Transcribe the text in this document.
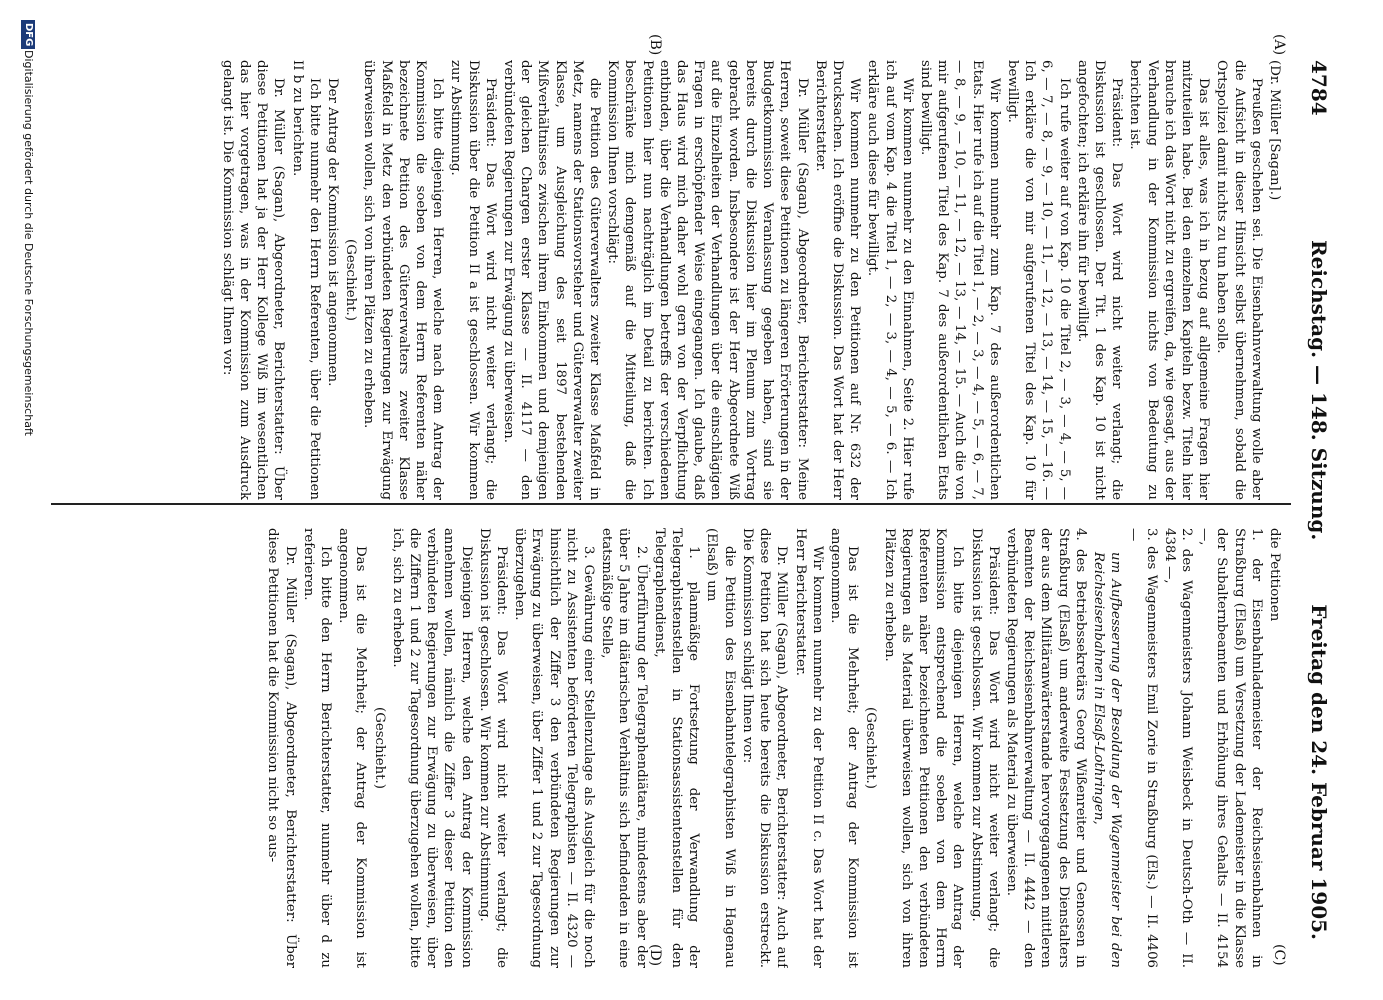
4784
Reichstag. — 148. Sitzung.
Freitag den 24. Februar 1905.
(A)
(B)
(C)
(D)

(Dr. Müller [Sagan].)

Preußen geschehen sei. Die Eisenbahnverwaltung wolle aber die Aufsicht in dieser Hinsicht selbst übernehmen, sobald die Ortspolizei damit nichts zu tun haben solle.

Das ist alles, was ich in bezug auf allgemeine Fragen hier mitzuteilen habe. Bei den einzelnen Kapiteln bezw. Titeln hier brauche ich das Wort nicht zu ergreifen, da, wie gesagt, aus der Verhandlung in der Kommission nichts von Bedeutung zu berichten ist.

Präsident: Das Wort wird nicht weiter verlangt; die Diskussion ist geschlossen. Der Tit. 1 des Kap. 10 ist nicht angefochten; ich erkläre ihn für bewilligt.

Ich rufe weiter auf von Kap. 10 die Titel 2, — 3, — 4, — 5, — 6, — 7, — 8, — 9, — 10, — 11, — 12, — 13, — 14, — 15, — 16. — Ich erkläre die von mir aufgerufenen Titel des Kap. 10 für bewilligt.

Wir kommen nunmehr zum Kap. 7 des außerordentlichen Etats. Hier rufe ich auf die Titel 1, — 2, — 3, — 4, — 5, — 6, — 7, — 8, — 9, — 10, — 11, — 12, — 13, — 14, — 15. — Auch die von mir aufgerufenen Titel des Kap. 7 des außerordentlichen Etats sind bewilligt.

Wir kommen nunmehr zu den Einnahmen, Seite 2. Hier rufe ich auf vom Kap. 4 die Titel 1, — 2, — 3, — 4, — 5, — 6. — Ich erkläre auch diese für bewilligt.

Wir kommen nunmehr zu den Petitionen auf Nr. 632 der Drucksachen. Ich eröffne die Diskussion. Das Wort hat der Herr Berichterstatter.

Dr. Müller (Sagan), Abgeordneter, Berichterstatter: Meine Herren, soweit diese Petitionen zu längeren Erörterungen in der Budgetkommission Veranlassung gegeben haben, sind sie bereits durch die Diskussion hier im Plenum zum Vortrag gebracht worden. Insbesondere ist der Herr Abgeordnete Wiß auf die Einzelheiten der Verhandlungen über die einschlägigen Fragen in erschöpfender Weise eingegangen. Ich glaube, daß das Haus wird mich daher wohl gern von der Verpflichtung entbinden, über die Verhandlungen betreffs der verschiedenen Petitionen hier nun nachträglich im Detail zu berichten. Ich beschränke mich demgemäß auf die Mitteilung, daß die Kommission Ihnen vorschlägt:

die Petition des Güterverwalters zweiter Klasse Maßfeld in Metz, namens der Stationsvorsteher und Güterverwalter zweiter Klasse, um Ausgleichung des seit 1897 bestehenden Mißverhältnisses zwischen ihrem Einkommen und demjenigen der gleichen Chargen erster Klasse — II. 4117 — den verbündeten Regierungen zur Erwägung zu überweisen.

Präsident: Das Wort wird nicht weiter verlangt; die Diskussion über die Petition II a ist geschlossen. Wir kommen zur Abstimmung.

Ich bitte diejenigen Herren, welche nach dem Antrag der Kommission die soeben von dem Herrn Referenten näher bezeichnete Petition des Güterverwalters zweiter Klasse Maßfeld in Metz den verbündeten Regierungen zur Erwägung überweisen wollen, sich von ihren Plätzen zu erheben.

(Geschieht.)

Der Antrag der Kommission ist angenommen.

Ich bitte nunmehr den Herrn Referenten, über die Petitionen II b zu berichten.

Dr. Müller (Sagan), Abgeordneter, Berichterstatter: Über diese Petitionen hat ja der Herr Kollege Wiß im wesentlichen das hier vorgetragen, was in der Kommission zum Ausdruck gelangt ist. Die Kommission schlägt Ihnen vor:

die Petitionen

1. der Eisenbahnlademeister der Reichseisenbahnen in Straßburg (Elsaß) um Versetzung der Lademeister in die Klasse der Subalternbeamten und Erhöhung ihres Gehalts — II. 4154 —,

2. des Wagenmeisters Johann Weisbeck in Deutsch-Oth — II. 4384 —,

3. des Wagenmeisters Emil Zorie in Straßburg (Els.) — II. 4406 —

um Aufbesserung der Besoldung der Wagenmeister bei den Reichseisenbahnen in Elsaß-Lothringen,

4. des Betriebssekretärs Georg Wißenreiter und Genossen in Straßburg (Elsaß) um anderweite Festsetzung des Dienstalters der aus dem Militäranwärterstande hervorgegangenen mittleren Beamten der Reichseisenbahnverwaltung — II. 4442 — den verbündeten Regierungen als Material zu überweisen.

Präsident: Das Wort wird nicht weiter verlangt; die Diskussion ist geschlossen. Wir kommen zur Abstimmung.

Ich bitte diejenigen Herren, welche den Antrag der Kommission entsprechend die soeben von dem Herrn Referenten näher bezeichneten Petitionen den verbündeten Regierungen als Material überweisen wollen, sich von ihren Plätzen zu erheben.

(Geschieht.)

Das ist die Mehrheit; der Antrag der Kommission ist angenommen.

Wir kommen nunmehr zu der Petition II c. Das Wort hat der Herr Berichterstatter.

Dr. Müller (Sagan), Abgeordneter, Berichterstatter: Auch auf diese Petition hat sich heute bereits die Diskussion erstreckt. Die Kommission schlägt Ihnen vor:

die Petition des Eisenbahntelegraphisten Wiß in Hagenau (Elsaß) um

1. planmäßige Fortsetzung der Verwandlung der Telegraphistenstellen in Stationsassistentenstellen für den Telegraphendienst,

2. Überführung der Telegraphendiätare, mindestens aber der über 5 Jahre im diätarischen Verhältnis sich befindenden in eine etatsmäßige Stelle,

3. Gewährung einer Stellenzulage als Ausgleich für die noch nicht zu Assistenten beförderten Telegraphisten — II. 4320 — hinsichtlich der Ziffer 3 den verbündeten Regierungen zur Erwägung zu überweisen, über Ziffer 1 und 2 zur Tagesordnung überzugehen.

Präsident: Das Wort wird nicht weiter verlangt; die Diskussion ist geschlossen. Wir kommen zur Abstimmung.

Diejenigen Herren, welche den Antrag der Kommission annehmen wollen, nämlich die Ziffer 3 dieser Petition den verbündeten Regierungen zur Erwägung zu überweisen, über die Ziffern 1 und 2 zur Tagesordnung überzugehen wollen, bitte ich, sich zu erheben.

(Geschieht.)

Das ist die Mehrheit; der Antrag der Kommission ist angenommen.

Ich bitte den Herrn Berichterstatter, nunmehr über d zu referieren.

Dr. Müller (Sagan), Abgeordneter, Berichterstatter: Über diese Petitionen hat die Kommission nicht so aus-

DFG
Digitalisierung gefördert durch die Deutsche Forschungsgemeinschaft
